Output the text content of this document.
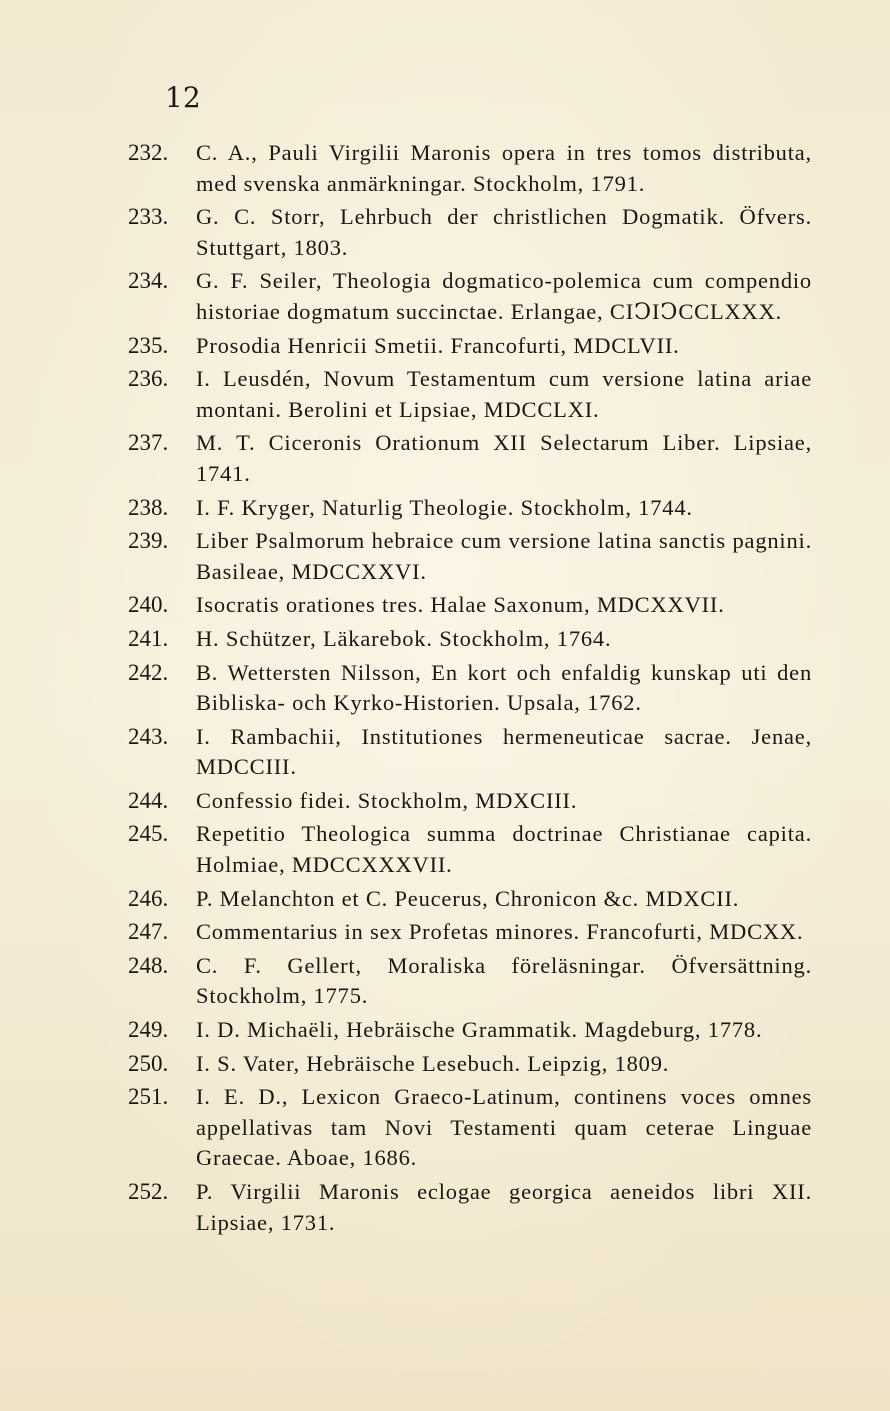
12
232.	C. A., Pauli Virgilii Maronis opera in tres tomos distributa, med svenska anmärkningar. Stockholm, 1791.
233.	G. C. Storr, Lehrbuch der christlichen Dogmatik. Öfvers. Stuttgart, 1803.
234.	G. F. Seiler, Theologia dogmatico-polemica cum compendio historiae dogmatum succinctae. Erlangae, CIↃIↃCCLXXX.
235.	Prosodia Henricii Smetii. Francofurti, MDCLVII.
236.	I. Leusdén, Novum Testamentum cum versione latina ariae montani. Berolini et Lipsiae, MDCCLXI.
237.	M. T. Ciceronis Orationum XII Selectarum Liber. Lipsiae, 1741.
238.	I. F. Kryger, Naturlig Theologie. Stockholm, 1744.
239.	Liber Psalmorum hebraice cum versione latina sanctis pagnini. Basileae, MDCCXXVI.
240.	Isocratis orationes tres. Halae Saxonum, MDCXXVII.
241.	H. Schützer, Läkarebok. Stockholm, 1764.
242.	B. Wettersten Nilsson, En kort och enfaldig kunskap uti den Bibliska- och Kyrko-Historien. Upsala, 1762.
243.	I. Rambachii, Institutiones hermeneuticae sacrae. Jenae, MDCCIII.
244.	Confessio fidei. Stockholm, MDXCIII.
245.	Repetitio Theologica summa doctrinae Christianae capita. Holmiae, MDCCXXXVII.
246.	P. Melanchton et C. Peucerus, Chronicon &c. MDXCII.
247.	Commentarius in sex Profetas minores. Francofurti, MDCXX.
248.	C. F. Gellert, Moraliska föreläsningar. Öfversättning. Stockholm, 1775.
249.	I. D. Michaëli, Hebräische Grammatik. Magdeburg, 1778.
250.	I. S. Vater, Hebräische Lesebuch. Leipzig, 1809.
251.	I. E. D., Lexicon Graeco-Latinum, continens voces omnes appellativas tam Novi Testamenti quam ceterae Linguae Graecae. Aboae, 1686.
252.	P. Virgilii Maronis eclogae georgica aeneidos libri XII. Lipsiae, 1731.
